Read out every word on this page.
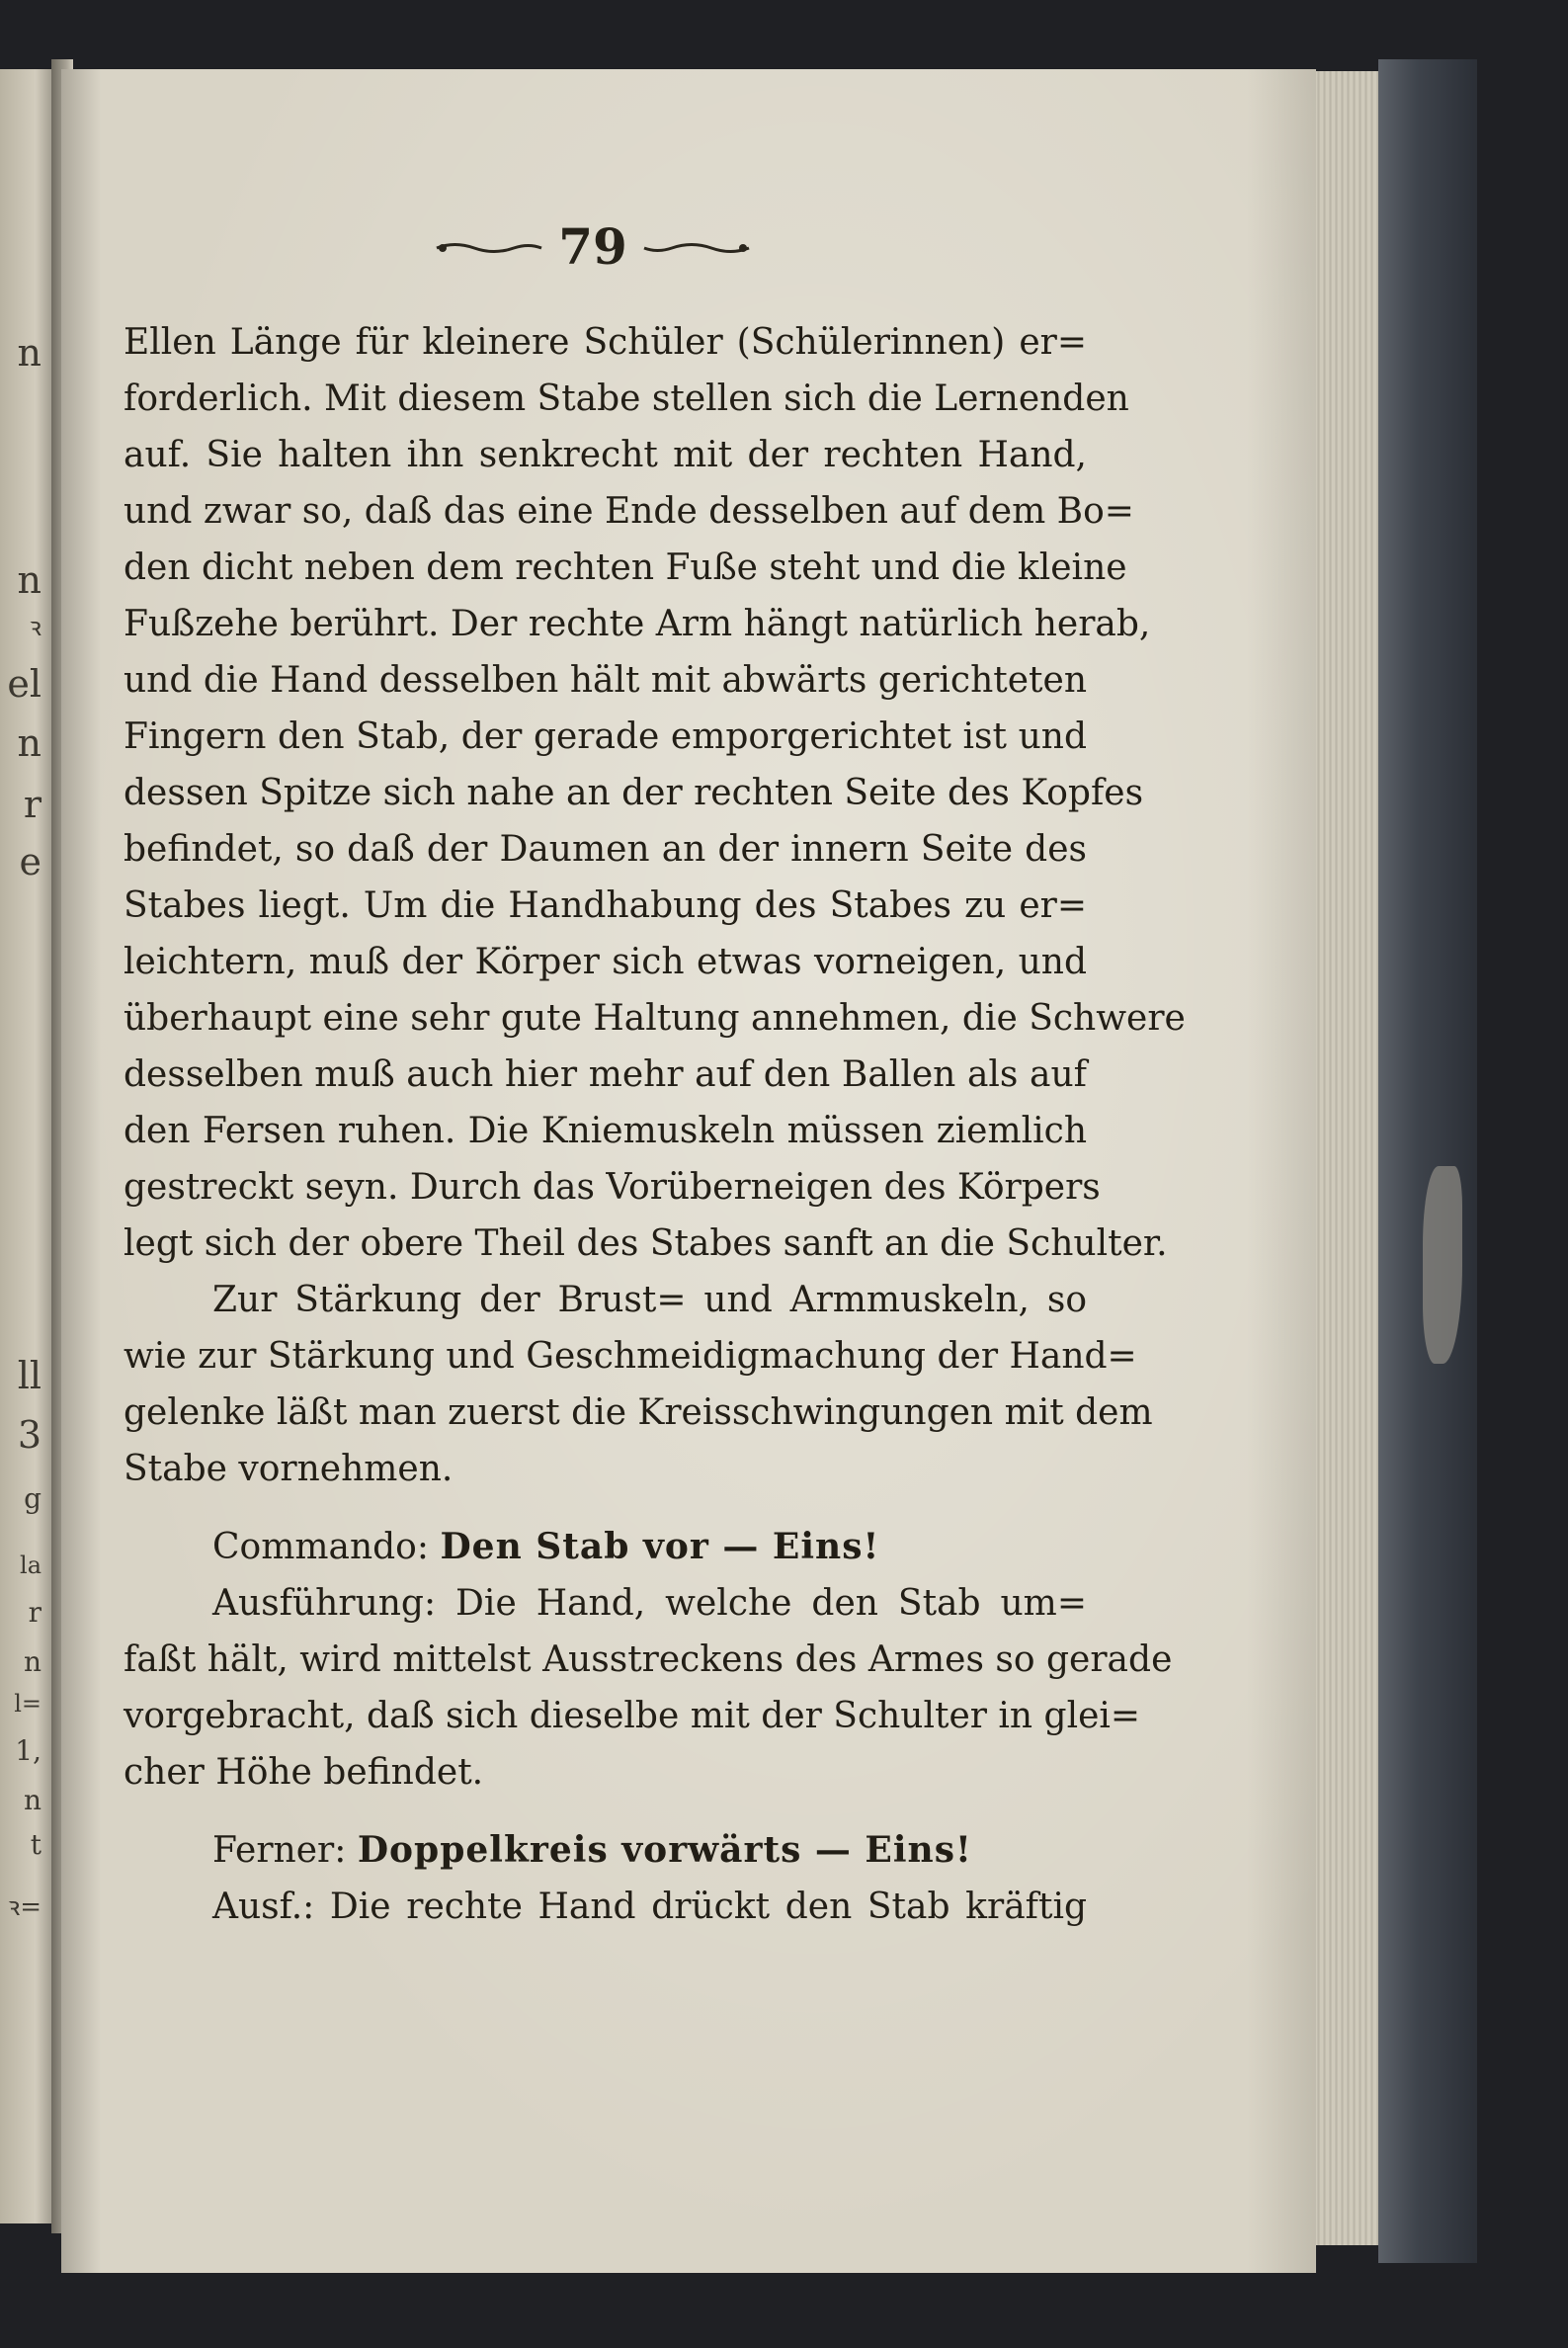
n
n
ꝛ
el
n
r
e
ll
3
g
la
r
n
l=
1,
n
t
ꝛ=
79
Ellen Länge für kleinere Schüler (Schülerinnen) er=
forderlich. Mit diesem Stabe stellen sich die Lernenden
auf. Sie halten ihn senkrecht mit der rechten Hand,
und zwar so, daß das eine Ende desselben auf dem Bo=
den dicht neben dem rechten Fuße steht und die kleine
Fußzehe berührt. Der rechte Arm hängt natürlich herab,
und die Hand desselben hält mit abwärts gerichteten
Fingern den Stab, der gerade emporgerichtet ist und
dessen Spitze sich nahe an der rechten Seite des Kopfes
befindet, so daß der Daumen an der innern Seite des
Stabes liegt. Um die Handhabung des Stabes zu er=
leichtern, muß der Körper sich etwas vorneigen, und
überhaupt eine sehr gute Haltung annehmen, die Schwere
desselben muß auch hier mehr auf den Ballen als auf
den Fersen ruhen. Die Kniemuskeln müssen ziemlich
gestreckt seyn. Durch das Vorüberneigen des Körpers
legt sich der obere Theil des Stabes sanft an die Schulter.
Zur Stärkung der Brust= und Armmuskeln, so
wie zur Stärkung und Geschmeidigmachung der Hand=
gelenke läßt man zuerst die Kreisschwingungen mit dem
Stabe vornehmen.
Commando: Den Stab vor — Eins!
Ausführung: Die Hand, welche den Stab um=
faßt hält, wird mittelst Ausstreckens des Armes so gerade
vorgebracht, daß sich dieselbe mit der Schulter in glei=
cher Höhe befindet.
Ferner: Doppelkreis vorwärts — Eins!
Ausf.: Die rechte Hand drückt den Stab kräftig
